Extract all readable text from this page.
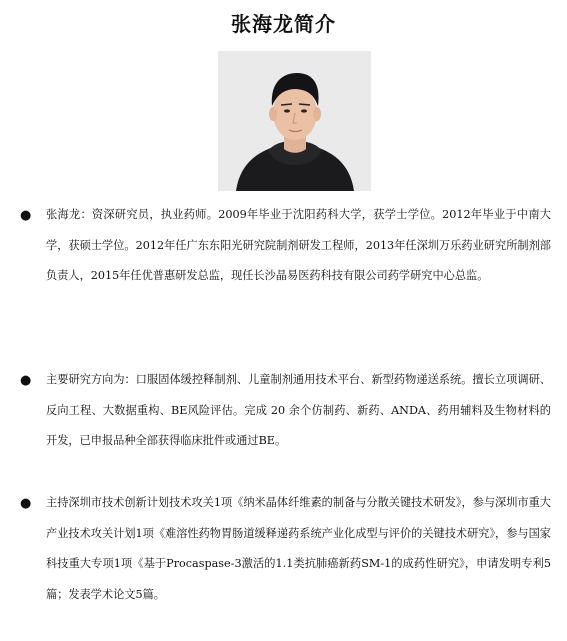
张海龙简介
● 张海龙：资深研究员，执业药师。2009年毕业于沈阳药科大学，获学士学位。2012年毕业于中南大学，获硕士学位。2012年任广东东阳光研究院制剂研发工程师，2013年任深圳万乐药业研究所制剂部负责人，2015年任优普惠研发总监，现任长沙晶易医药科技有限公司药学研究中心总监。
● 主要研究方向为：口服固体缓控释制剂、儿童制剂通用技术平台、新型药物递送系统。擅长立项调研、反向工程、大数据重构、BE风险评估。完成 20 余个仿制药、新药、ANDA、药用辅料及生物材料的开发，已申报品种全部获得临床批件或通过BE。
● 主持深圳市技术创新计划技术攻关1项《纳米晶体纤维素的制备与分散关键技术研发》，参与深圳市重大产业技术攻关计划1项《难溶性药物胃肠道缓释递药系统产业化成型与评价的关键技术研究》，参与国家科技重大专项1项《基于Procaspase-3激活的1.1类抗肺癌新药SM-1的成药性研究》，申请发明专利5篇；发表学术论文5篇。
